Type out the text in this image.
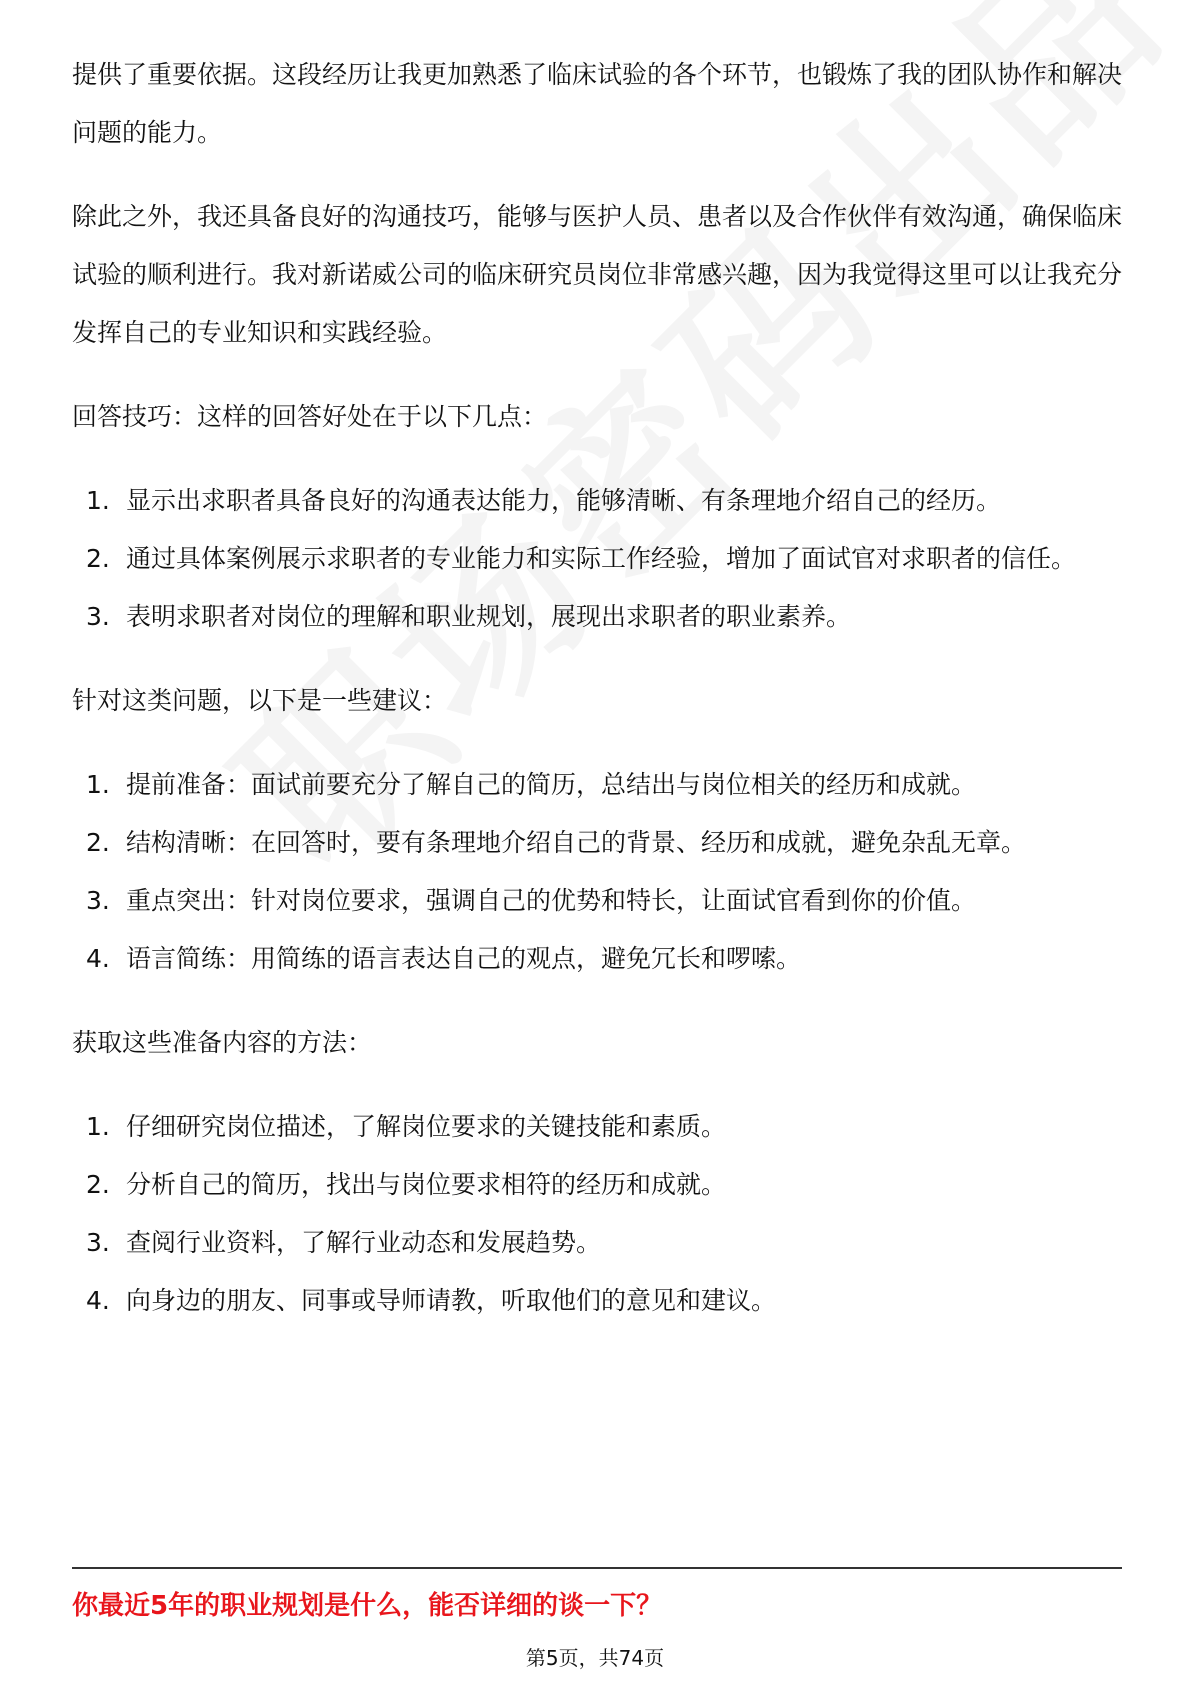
提供了重要依据。这段经历让我更加熟悉了临床试验的各个环节，也锻炼了我的团队协作和解决问题的能力。

除此之外，我还具备良好的沟通技巧，能够与医护人员、患者以及合作伙伴有效沟通，确保临床试验的顺利进行。我对新诺威公司的临床研究员岗位非常感兴趣，因为我觉得这里可以让我充分发挥自己的专业知识和实践经验。

回答技巧：这样的回答好处在于以下几点：

1. 显示出求职者具备良好的沟通表达能力，能够清晰、有条理地介绍自己的经历。
2. 通过具体案例展示求职者的专业能力和实际工作经验，增加了面试官对求职者的信任。
3. 表明求职者对岗位的理解和职业规划，展现出求职者的职业素养。

针对这类问题，以下是一些建议：

1. 提前准备：面试前要充分了解自己的简历，总结出与岗位相关的经历和成就。
2. 结构清晰：在回答时，要有条理地介绍自己的背景、经历和成就，避免杂乱无章。
3. 重点突出：针对岗位要求，强调自己的优势和特长，让面试官看到你的价值。
4. 语言简练：用简练的语言表达自己的观点，避免冗长和啰嗦。

获取这些准备内容的方法：

1. 仔细研究岗位描述，了解岗位要求的关键技能和素质。
2. 分析自己的简历，找出与岗位要求相符的经历和成就。
3. 查阅行业资料，了解行业动态和发展趋势。
4. 向身边的朋友、同事或导师请教，听取他们的意见和建议。
你最近5年的职业规划是什么，能否详细的谈一下？
第5页，共74页
